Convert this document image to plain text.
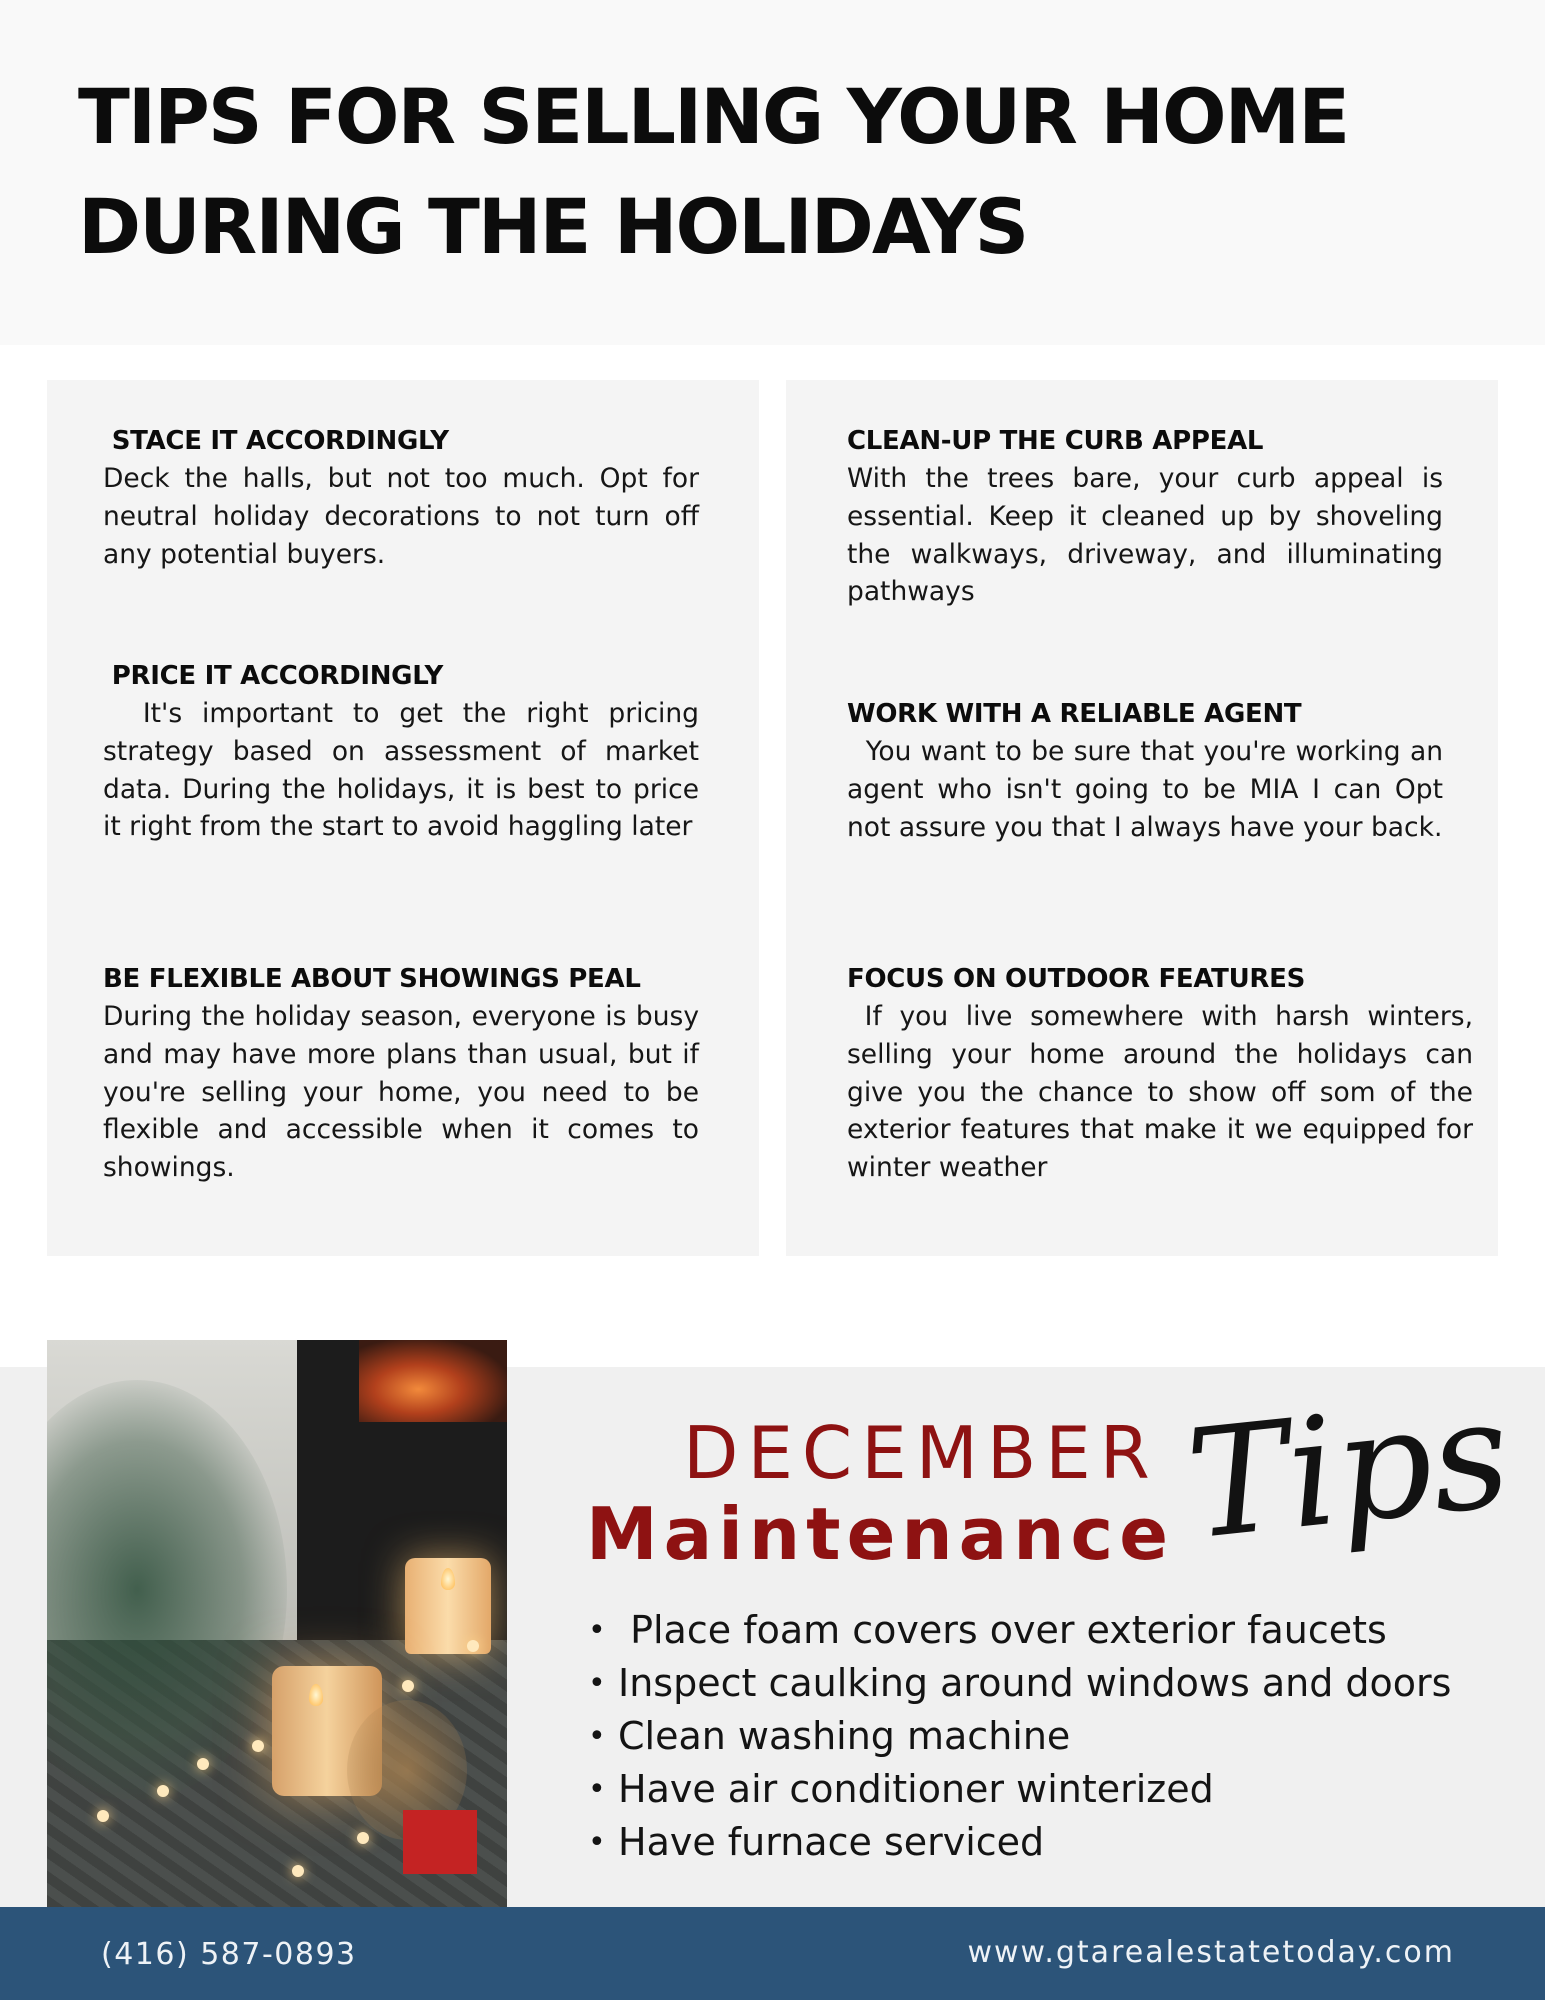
TIPS FOR SELLING YOUR HOME
DURING THE HOLIDAYS
STACE IT ACCORDINGLY
Deck the halls, but not too much. Opt for neutral holiday decorations to not turn off any potential buyers.
PRICE IT ACCORDINGLY
It's important to get the right pricing strategy based on assessment of market data. During the holidays, it is best to price it right from the start to avoid haggling later
BE FLEXIBLE ABOUT SHOWINGS PEAL
During the holiday season, everyone is busy and may have more plans than usual, but if you're selling your home, you need to be flexible and accessible when it comes to showings.
CLEAN-UP THE CURB APPEAL
With the trees bare, your curb appeal is essential. Keep it cleaned up by shoveling the walkways, driveway, and illuminating pathways
WORK WITH A RELIABLE AGENT
You want to be sure that you're working an agent who isn't going to be MIA I can Opt not assure you that I always have your back.
FOCUS ON OUTDOOR FEATURES
If you live somewhere with harsh winters, selling your home around the holidays can give you the chance to show off som of the exterior features that make it we equipped for winter weather
DECEMBER
Maintenance Tips
• Place foam covers over exterior faucets
• Inspect caulking around windows and doors
• Clean washing machine
• Have air conditioner winterized
• Have furnace serviced
(416) 587-0893	www.gtarealestatetoday.com
